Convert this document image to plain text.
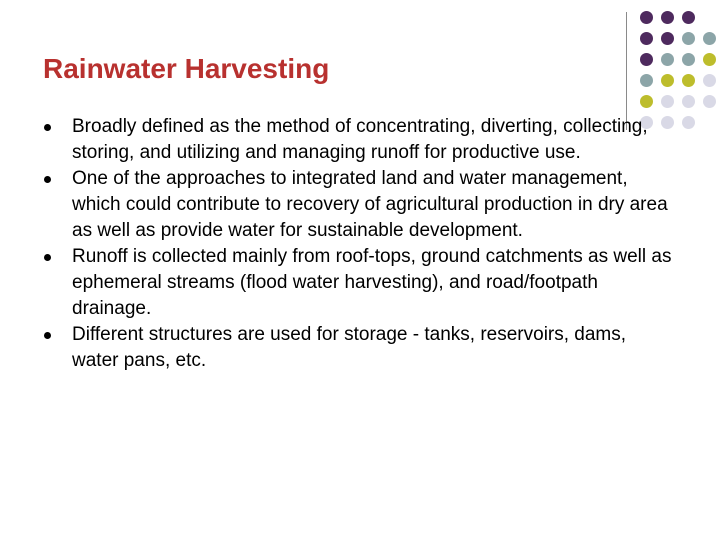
Rainwater Harvesting
Broadly defined as the method of concentrating, diverting, collecting, storing, and utilizing and managing runoff for productive use.
One of the approaches to integrated land and water management, which could contribute to recovery of agricultural production in dry area as well as provide water for sustainable development.
Runoff is collected mainly from roof-tops, ground catchments as well as ephemeral streams (flood water harvesting), and road/footpath drainage.
Different structures are used for storage - tanks, reservoirs, dams, water pans, etc.
